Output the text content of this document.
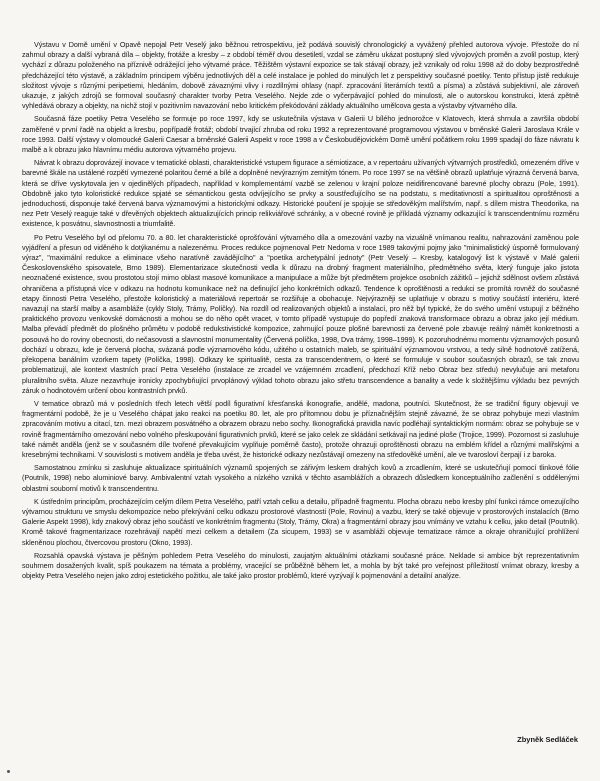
Výstavu v Domě umění v Opavě nepojal Petr Veselý jako běžnou retrospektivu, jež podává souvislý chronologický a vyvážený přehled autorova vývoje. Přestože do ní zahrnul obrazy a další vybraná díla – objekty, frotáže a kresby – z období téměř dvou desetiletí, vzdal se záměru ukázat postupný sled vývojových proměn a zvolil postup, který vychází z důrazu položeného na příznivě odrážející jeho výtvarné práce. Těžištěm výstavní expozice se tak stávají obrazy, jež vznikaly od roku 1998 až do doby bezprostředně předcházející této výstavě, a základním principem výběru jednotlivých děl a celé instalace je pohled do minulých let z perspektivy současné poetiky. Tento přístup jistě redukuje složitost vývoje s různými peripetiemi, hledáním, dobově závaznými vlivy i rozdílnými ohlasy (např. zpracování literárních textů a písma) a zůstává subjektivní, ale zároveň ukazuje, z jakých zdrojů se formoval současný charakter tvorby Petra Veselého. Nejde zde o vyčerpávající pohled do minulosti, ale o autorskou konstrukci, která zpětně vyhledává obrazy a objekty, na nichž stojí v pozitivním navazování nebo kritickém překódování základy aktuálního umělcova gesta a výstavby výtvarného díla.

Současná fáze poetiky Petra Veselého se formuje po roce 1997, kdy se uskutečnila výstava v Galerii U bílého jednorožce v Klatovech, která shrnula a završila období zaměřené v první řadě na objekt a kresbu, popřípadě frotáž; období trvající zhruba od roku 1992 a reprezentované programovou výstavou v brněnské Galerii Jaroslava Krále v roce 1993. Další výstavy v olomoucké Galerii Caesar a brněnské Galerii Aspekt v roce 1998 a v Českobudějovickém Domě umění počátkem roku 1999 spadají do fáze návratu k malbě a k obrazu jako hlavnímu médiu autorova výtvarného projevu.

Návrat k obrazu doprovázejí inovace v tematické oblasti, charakteristické vstupem figurace a sémiotizace, a v repertoáru užívaných výtvarných prostředků, omezeném dříve v barevné škále na ustálené rozpětí vymezené polaritou černé a bílé a doplněné nevýrazným zemitým tónem. Po roce 1997 se na většině obrazů uplatňuje výrazná červená barva, která se dříve vyskytovala jen v ojedinělých případech, například v komplementární vazbě se zelenou v krajní poloze neidifirencované barevné plochy obrazu (Pole, 1991). Obdobně jako tyto koloristické redukce spjaté se sémantickou gesta odvíjejícího se prvky a soustřeďujícího se na podstatu, s meditativností a spiritualitou oproštěnosti a jednoduchosti, disponuje také červená barva významovými a historickými odkazy. Historické poučení je spojuje se středověkým malířstvím, např. s dílem mistra Theodorika, na nez Petr Veselý reaguje také v dřevěných objektech aktualizujících princip relikviářové schránky, a v obecné rovině je příkladá významy odkazující k transcendentnímu rozměru existence, k posvátnu, slavnostnosti a triumfalitě.

Po Petru Veselého byl od přelomu 70. a 80. let charakteristické oprošťování výtvarného díla a omezování vazby na vizuálně vnímanou realitu, nahrazování zaměnou pole vyjádření a přesun od viděného k dotýkanému a nalezenému. Proces redukce pojmenoval Petr Nedoma v roce 1989 takovými pojmy jako "minimalistický úsporně formulovaný výraz", "maximální redukce a eliminace všeho naratívně zavádějícího" a "poetika archetypální jednoty" (Petr Veselý – Kresby, katalogový list k výstavě v Malé galerii Československého spisovatele, Brno 1989). Elementarizace skutečnosti vedla k důrazu na drobný fragment materiálního, předmětného světa, který funguje jako jistota neoznačené existence, svou prostotou stojí mimo oblast masové komunikace a manipulace a může být předmětem projekce osobních zážitků – jejichž sdělnost ovšem zůstává ohraničena a přístupná více v odkazu na hodnotu komunikace než na definující jeho konkrétních odkazů. Tendence k oproštěnosti a redukci se promítá rovněž do současné etapy činnosti Petra Veselého, přestože koloristický a materiálová repertoár se rozšiřuje a obohacuje. Nejvýrazněji se uplatňuje v obrazu s motivy součástí interiéru, které navazují na starší malby a asambláže (cykly Stoly, Trámy, Políčky). Na rozdíl od realizovaných objektů a instalací, pro něž byl typické, že do svého umění vstupují z běžného praktického provozu venkovské domácnosti a mohou se do něho opět vracet, v tomto případě vystupuje do popředí znaková transformace obrazu a obraz jako její médium. Malba převádí předmět do plošného průmětu v podobě redukstivistické kompozice, zahrnující pouze plošné barevnosti za červené pole zbavuje reálný námět konkretnosti a posouvá ho do roviny obecnosti, do nečasovosti a slavnostní monumentality (Červená políčka, 1998, Dva trámy, 1998–1999). K pozoruhodnému momentu významových posunů dochází u obrazu, kde je červená plocha, svázaná podle významového kódu, užitého u ostatních maleb, se spirituální významovou vrstvou, a tedy silně hodnotově zatížená, překopena banálním vzorkem tapety (Políčka, 1998). Odkazy ke spiritualitě, cesta za transcendentnem, o které se formuluje v soubor současných obrazů, se tak znovu problematizují, ale kontext vlastních prací Petra Veselého (instalace ze zrcadel ve vzájemném zrcadlení, předchozí Kříž nebo Obraz bez středu) nevylučuje ani metaforu pluralitního světa. Aluze nezavrhuje ironicky zpochybňující prvoplánový výklad tohoto obrazu jako střetu transcendence a banality a vede k složitějšímu výkladu bez pevných záruk o hodnotovém určení obou kontrastních prvků.

V tematice obrazů má v posledních třech letech větší podíl figurativní křesťanská ikonografie, andělé, madona, poutníci. Skutečnost, že se tradiční figury objevují ve fragmentární podobě, že je u Veselého chápat jako reakci na poetiku 80. let, ale pro přítomnou dobu je příznačnějším stejně závazné, že se obraz pohybuje mezi vlastním zpracováním motivu a citací, tzn. mezi obrazem posvátného a obrazem obrazu nebo sochy. Ikonografická pravidla navíc podléhají syntaktickým normám: obraz se pohybuje se v rovině fragmentárního omezování nebo volného přeskupování figurativních prvků, které se jako celek ze skládání setkávají na jediné ploše (Trojice, 1999). Pozornost si zasluhuje také námět anděla (jenž se v současném díle tvořené převakujícím vyplňuje poměrně často), protože ohrazuji oproštěnosti obrazu na emblém křídel a různými malířskými a kresebnými technikami. V souvislosti s motivem anděla je třeba uvést, že historické odkazy nezůstávají omezeny na středověké umění, ale ve tvarosloví čerpají i z baroka.

Samostatnou zmínku si zasluhuje aktualizace spirituálních významů spojených se zářivým leskem drahých kovů a zrcadlením, které se uskutečňují pomocí tlinkové fólie (Poutník, 1998) nebo aluminiové barvy. Ambivalentní vztah vysokého a nízkého vzniká v těchto asamblážích a obrazech důsledkem konceptuálního začlenění s oddělenými oblastmi souborní motivů k transcendentnu.

K ústředním principům, procházejícím celým dílem Petra Veselého, patří vztah celku a detailu, případně fragmentu. Plocha obrazu nebo kresby plní funkci rámce omezujícího výtvarnou strukturu ve smyslu dekompozice nebo překrývání celku odkazu prostorové vlastnosti (Pole, Rovinu) a vazbu, který se také objevuje v prostorových instalacích (Brno Galerie Aspekt 1998), kdy znakový obraz jeho součástí ve konkrétním fragmentu (Stoly, Trámy, Okra) a fragmentární obrazy jsou vnímány ve vztahu k celku, jako detail (Poutník). Kromě takové fragmentarizace rozehrávají napětí mezi celkem a detailem (Za sicupem, 1993) se v asambláži objevuje tematizace rámce a okraje ohraničující prohlížení skleněnou plochou, čtvercovou prostoru (Okno, 1993).

Rozsahlá opavská výstava je pěšným pohledem Petra Veselého do minulosti, zaujatým aktuálními otázkami současné práce. Neklade si ambice být reprezentativním souhrnem dosažených kvalit, spíš poukazem na témata a problémy, vracející se průběžně během let, a mohla by být také pro veřejnost příležitostí vnímat obrazy, kresby a objekty Petra Veselého nejen jako zdroj estetického požitku, ale také jako prostor problémů, které vyzývají k pojmenování a detailní analýze.

Zbyněk Sedláček
